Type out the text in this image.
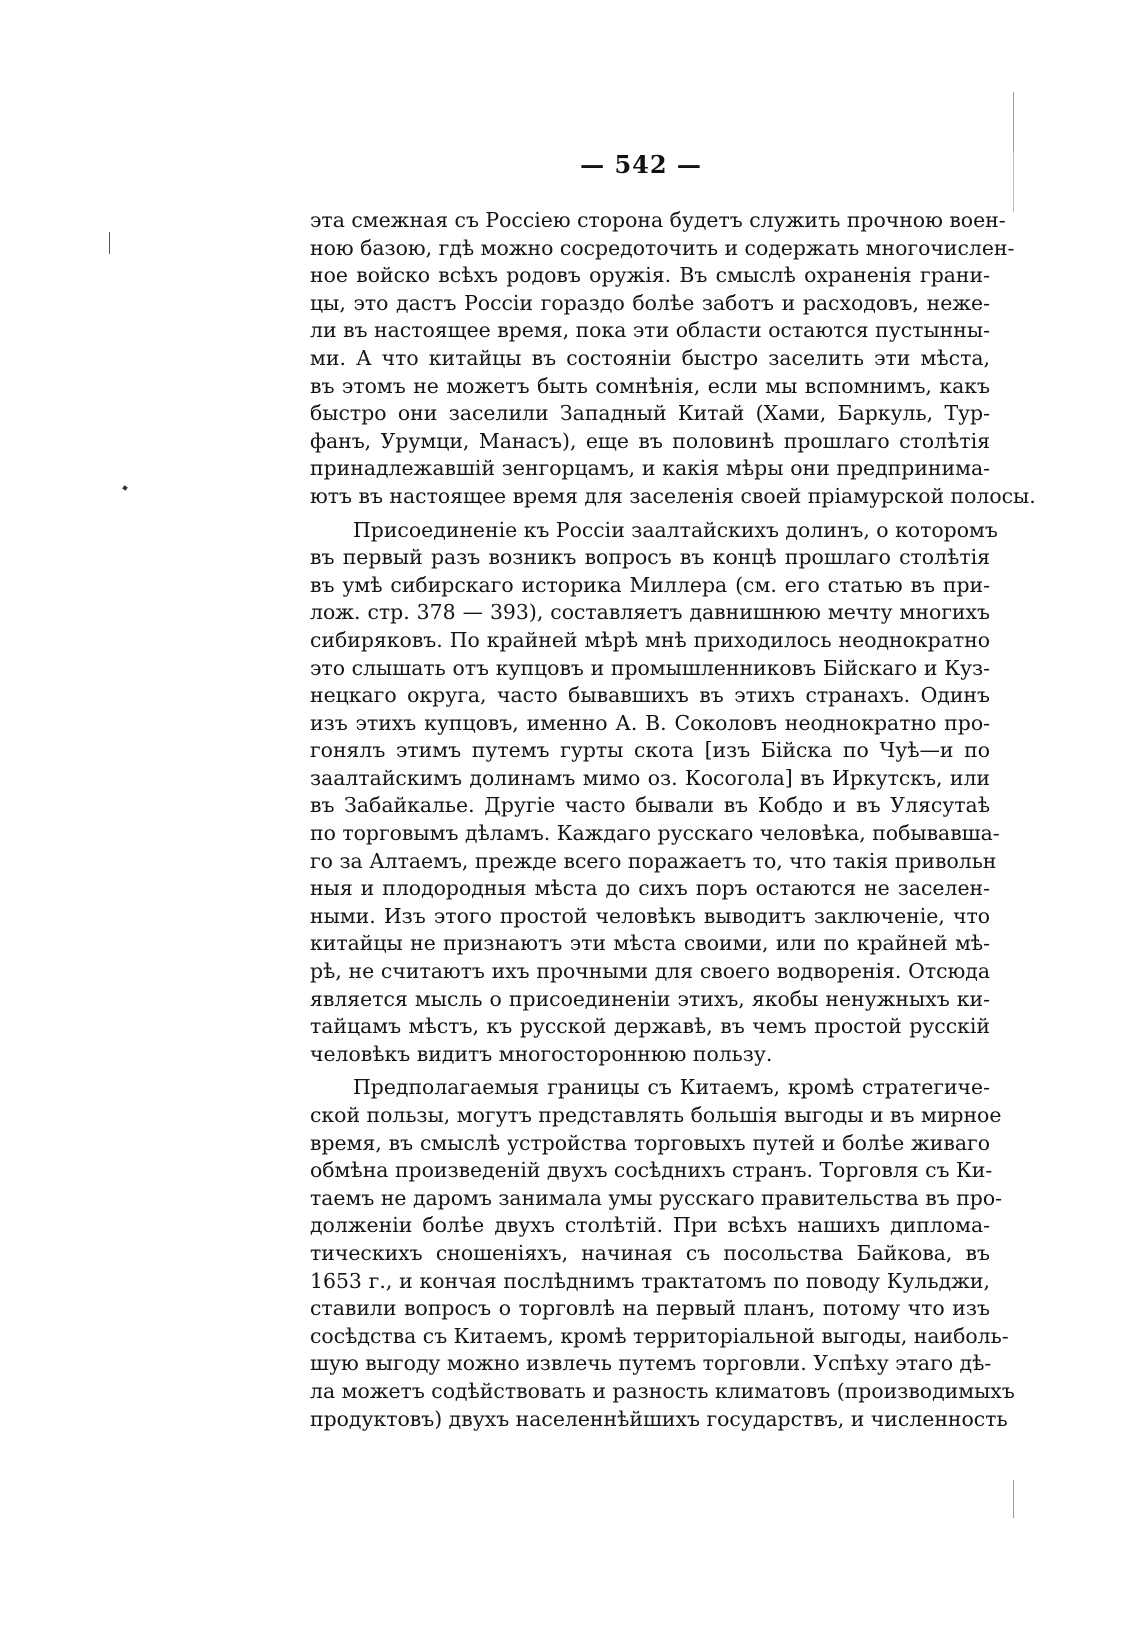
— 542 —
эта смежная съ Россіею сторона будетъ служить прочною воен-
ною базою, гдѣ можно сосредоточить и содержать многочислен-
ное войско всѣхъ родовъ оружія. Въ смыслѣ охраненія грани-
цы, это дастъ Россіи гораздо болѣе заботъ и расходовъ, неже-
ли въ настоящее время, пока эти области остаются пустынны-
ми. А что китайцы въ состояніи быстро заселить эти мѣста,
въ этомъ не можетъ быть сомнѣнія, если мы вспомнимъ, какъ
быстро они заселили Западный Китай (Хами, Баркуль, Тур-
фанъ, Урумци, Манасъ), еще въ половинѣ прошлаго столѣтія
принадлежавшій зенгорцамъ, и какія мѣры они предпринима-
ютъ въ настоящее время для заселенія своей пріамурской полосы.
Присоединеніе къ Россіи заалтайскихъ долинъ, о которомъ
въ первый разъ возникъ вопросъ въ концѣ прошлаго столѣтія
въ умѣ сибирскаго историка Миллера (см. его статью въ при-
лож. стр. 378 — 393), составляетъ давнишнюю мечту многихъ
сибиряковъ. По крайней мѣрѣ мнѣ приходилось неоднократно
это слышать отъ купцовъ и промышленниковъ Бійскаго и Куз-
нецкаго округа, часто бывавшихъ въ этихъ странахъ. Одинъ
изъ этихъ купцовъ, именно А. В. Соколовъ неоднократно про-
гонялъ этимъ путемъ гурты скота [изъ Бійска по Чуѣ—и по
заалтайскимъ долинамъ мимо оз. Косогола] въ Иркутскъ, или
въ Забайкалье. Другіе часто бывали въ Кобдо и въ Улясутаѣ
по торговымъ дѣламъ. Каждаго русскаго человѣка, побывавша-
го за Алтаемъ, прежде всего поражаетъ то, что такія привольн
ныя и плодородныя мѣста до сихъ поръ остаются не заселен-
ными. Изъ этого простой человѣкъ выводитъ заключеніе, что
китайцы не признаютъ эти мѣста своими, или по крайней мѣ-
рѣ, не считаютъ ихъ прочными для своего водворенія. Отсюда
является мысль о присоединеніи этихъ, якобы ненужныхъ ки-
тайцамъ мѣстъ, къ русской державѣ, въ чемъ простой русскій
человѣкъ видитъ многостороннюю пользу.
Предполагаемыя границы съ Китаемъ, кромѣ стратегиче-
ской пользы, могутъ представлять большія выгоды и въ мирное
время, въ смыслѣ устройства торговыхъ путей и болѣе живаго
обмѣна произведеній двухъ сосѣднихъ странъ. Торговля съ Ки-
таемъ не даромъ занимала умы русскаго правительства въ про-
долженіи болѣе двухъ столѣтій. При всѣхъ нашихъ диплома-
тическихъ сношеніяхъ, начиная съ посольства Байкова, въ
1653 г., и кончая послѣднимъ трактатомъ по поводу Кульджи,
ставили вопросъ о торговлѣ на первый планъ, потому что изъ
сосѣдства съ Китаемъ, кромѣ территоріальной выгоды, наиболь-
шую выгоду можно извлечь путемъ торговли. Успѣху этаго дѣ-
ла можетъ содѣйствовать и разность климатовъ (производимыхъ
продуктовъ) двухъ населеннѣйшихъ государствъ, и численность
